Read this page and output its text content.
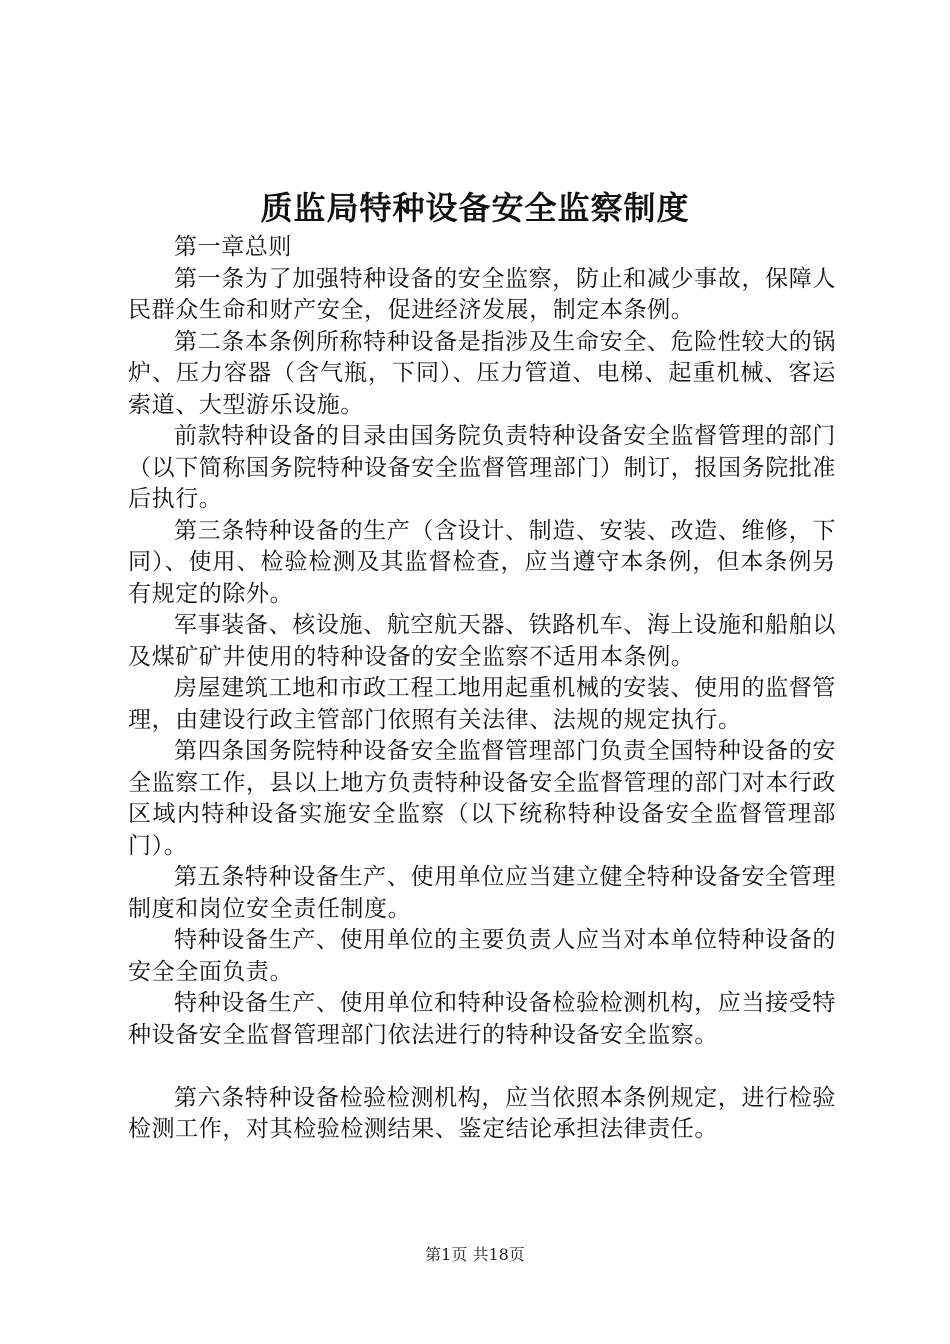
质监局特种设备安全监察制度

第一章总则

第一条为了加强特种设备的安全监察，防止和减少事故，保障人民群众生命和财产安全，促进经济发展，制定本条例。

第二条本条例所称特种设备是指涉及生命安全、危险性较大的锅炉、压力容器（含气瓶，下同）、压力管道、电梯、起重机械、客运索道、大型游乐设施。

前款特种设备的目录由国务院负责特种设备安全监督管理的部门（以下简称国务院特种设备安全监督管理部门）制订，报国务院批准后执行。

第三条特种设备的生产（含设计、制造、安装、改造、维修，下同）、使用、检验检测及其监督检查，应当遵守本条例，但本条例另有规定的除外。

军事装备、核设施、航空航天器、铁路机车、海上设施和船舶以及煤矿矿井使用的特种设备的安全监察不适用本条例。

房屋建筑工地和市政工程工地用起重机械的安装、使用的监督管理，由建设行政主管部门依照有关法律、法规的规定执行。

第四条国务院特种设备安全监督管理部门负责全国特种设备的安全监察工作，县以上地方负责特种设备安全监督管理的部门对本行政区域内特种设备实施安全监察（以下统称特种设备安全监督管理部门）。

第五条特种设备生产、使用单位应当建立健全特种设备安全管理制度和岗位安全责任制度。

特种设备生产、使用单位的主要负责人应当对本单位特种设备的安全全面负责。

特种设备生产、使用单位和特种设备检验检测机构，应当接受特种设备安全监督管理部门依法进行的特种设备安全监察。

第六条特种设备检验检测机构，应当依照本条例规定，进行检验检测工作，对其检验检测结果、鉴定结论承担法律责任。

第1页 共18页
